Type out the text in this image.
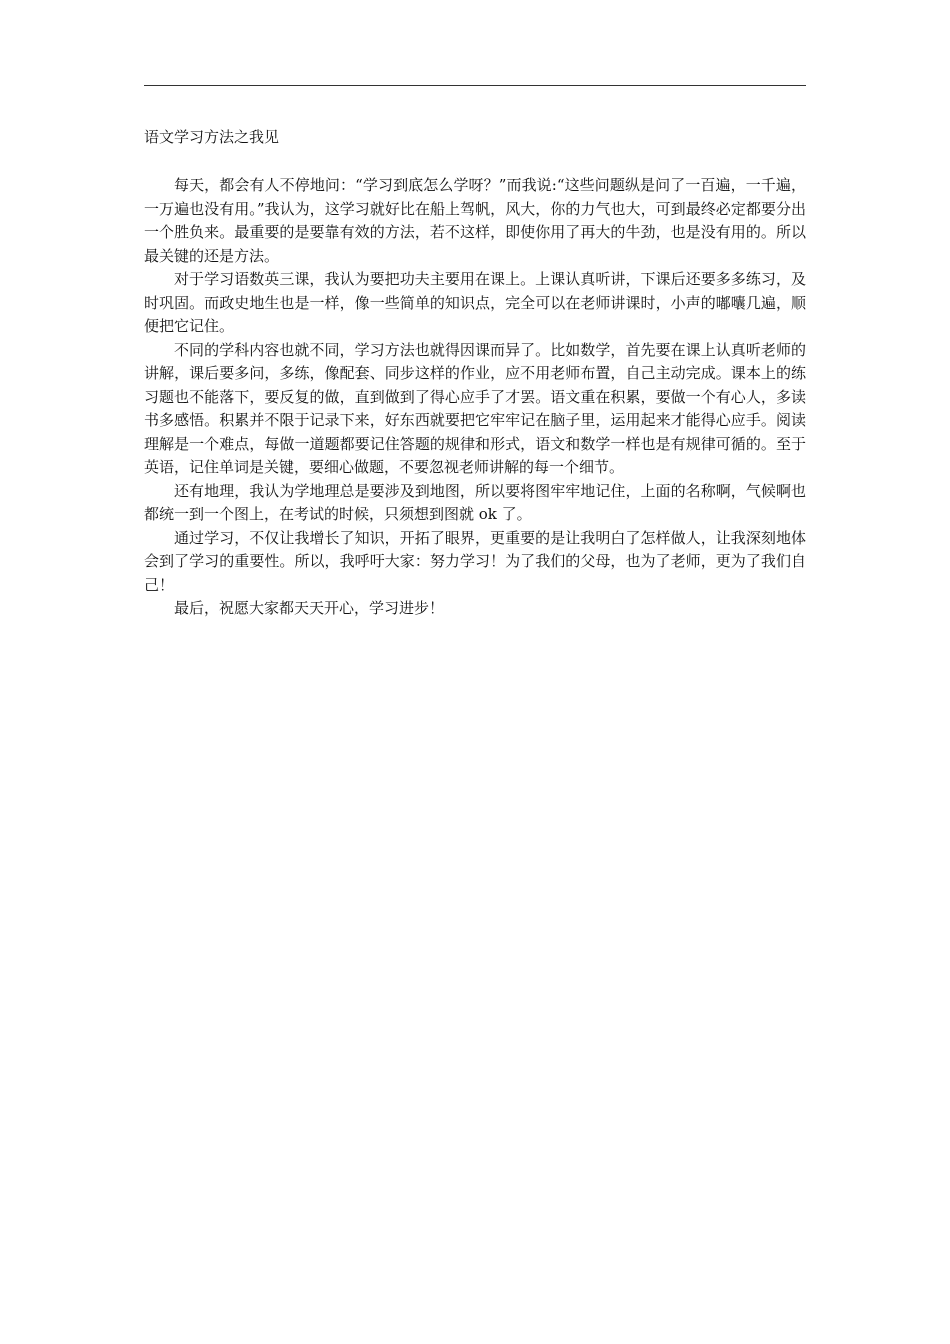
语文学习方法之我见

每天，都会有人不停地问：“学习到底怎么学呀？”而我说:“这些问题纵是问了一百遍，一千遍，一万遍也没有用。”我认为，这学习就好比在船上驾帆，风大，你的力气也大，可到最终必定都要分出一个胜负来。最重要的是要靠有效的方法，若不这样，即使你用了再大的牛劲，也是没有用的。所以最关键的还是方法。

对于学习语数英三课，我认为要把功夫主要用在课上。上课认真听讲，下课后还要多多练习，及时巩固。而政史地生也是一样，像一些简单的知识点，完全可以在老师讲课时，小声的嘟囔几遍，顺便把它记住。

不同的学科内容也就不同，学习方法也就得因课而异了。比如数学，首先要在课上认真听老师的讲解，课后要多问，多练，像配套、同步这样的作业，应不用老师布置，自己主动完成。课本上的练习题也不能落下，要反复的做，直到做到了得心应手了才罢。语文重在积累，要做一个有心人，多读书多感悟。积累并不限于记录下来，好东西就要把它牢牢记在脑子里，运用起来才能得心应手。阅读理解是一个难点，每做一道题都要记住答题的规律和形式，语文和数学一样也是有规律可循的。至于英语，记住单词是关键，要细心做题，不要忽视老师讲解的每一个细节。

还有地理，我认为学地理总是要涉及到地图，所以要将图牢牢地记住，上面的名称啊，气候啊也都统一到一个图上，在考试的时候，只须想到图就 ok 了。

通过学习，不仅让我增长了知识，开拓了眼界，更重要的是让我明白了怎样做人，让我深刻地体会到了学习的重要性。所以，我呼吁大家：努力学习！为了我们的父母，也为了老师，更为了我们自己！

最后，祝愿大家都天天开心，学习进步！
